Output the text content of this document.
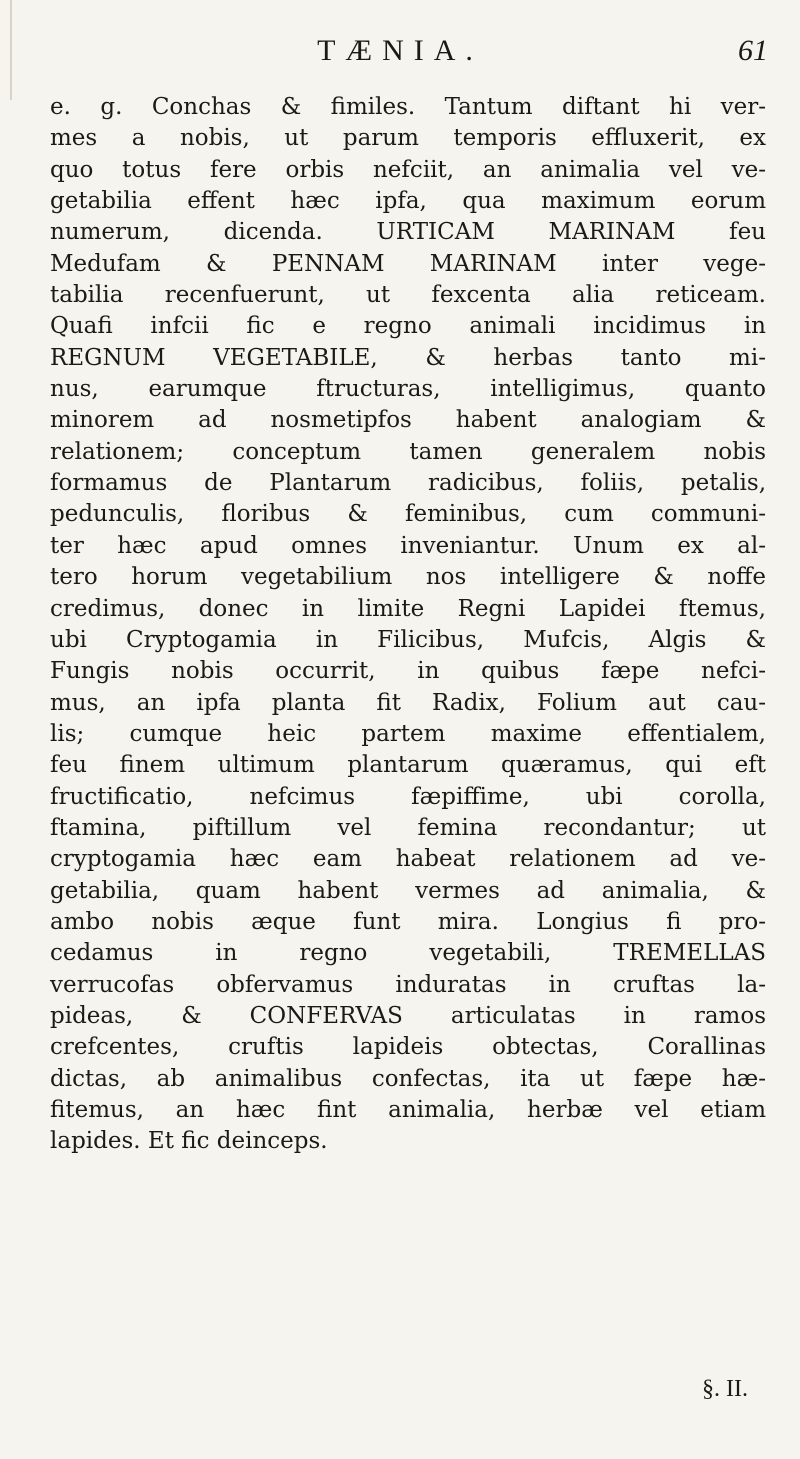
TÆNIA.	61
e. g. Conchas & fimiles. Tantum diftant hi ver-
mes a nobis, ut parum temporis effluxerit, ex
quo totus fere orbis nefciit, an animalia vel ve-
getabilia effent hæc ipfa, qua maximum eorum
numerum, dicenda. URTICAM MARINAM feu
Medufam & PENNAM MARINAM inter vege-
tabilia recenfuerunt, ut fexcenta alia reticeam.
Quafi infcii fic e regno animali incidimus in
REGNUM VEGETABILE, & herbas tanto mi-
nus, earumque ftructuras, intelligimus, quanto
minorem ad nosmetipfos habent analogiam &
relationem; conceptum tamen generalem nobis
formamus de Plantarum radicibus, foliis, petalis,
pedunculis, floribus & feminibus, cum communi-
ter hæc apud omnes inveniantur. Unum ex al-
tero horum vegetabilium nos intelligere & noffe
credimus, donec in limite Regni Lapidei ftemus,
ubi Cryptogamia in Filicibus, Mufcis, Algis &
Fungis nobis occurrit, in quibus fæpe nefci-
mus, an ipfa planta fit Radix, Folium aut cau-
lis; cumque heic partem maxime effentialem,
feu finem ultimum plantarum quæramus, qui eft
fructificatio, nefcimus fæpiffime, ubi corolla,
ftamina, piftillum vel femina recondantur; ut
cryptogamia hæc eam habeat relationem ad ve-
getabilia, quam habent vermes ad animalia, &
ambo nobis æque funt mira. Longius fi pro-
cedamus in regno vegetabili, TREMELLAS
verrucofas obfervamus induratas in cruftas la-
pideas, & CONFERVAS articulatas in ramos
crefcentes, cruftis lapideis obtectas, Corallinas
dictas, ab animalibus confectas, ita ut fæpe hæ-
fitemus, an hæc fint animalia, herbæ vel etiam
lapides. Et fic deinceps.
§. II.
